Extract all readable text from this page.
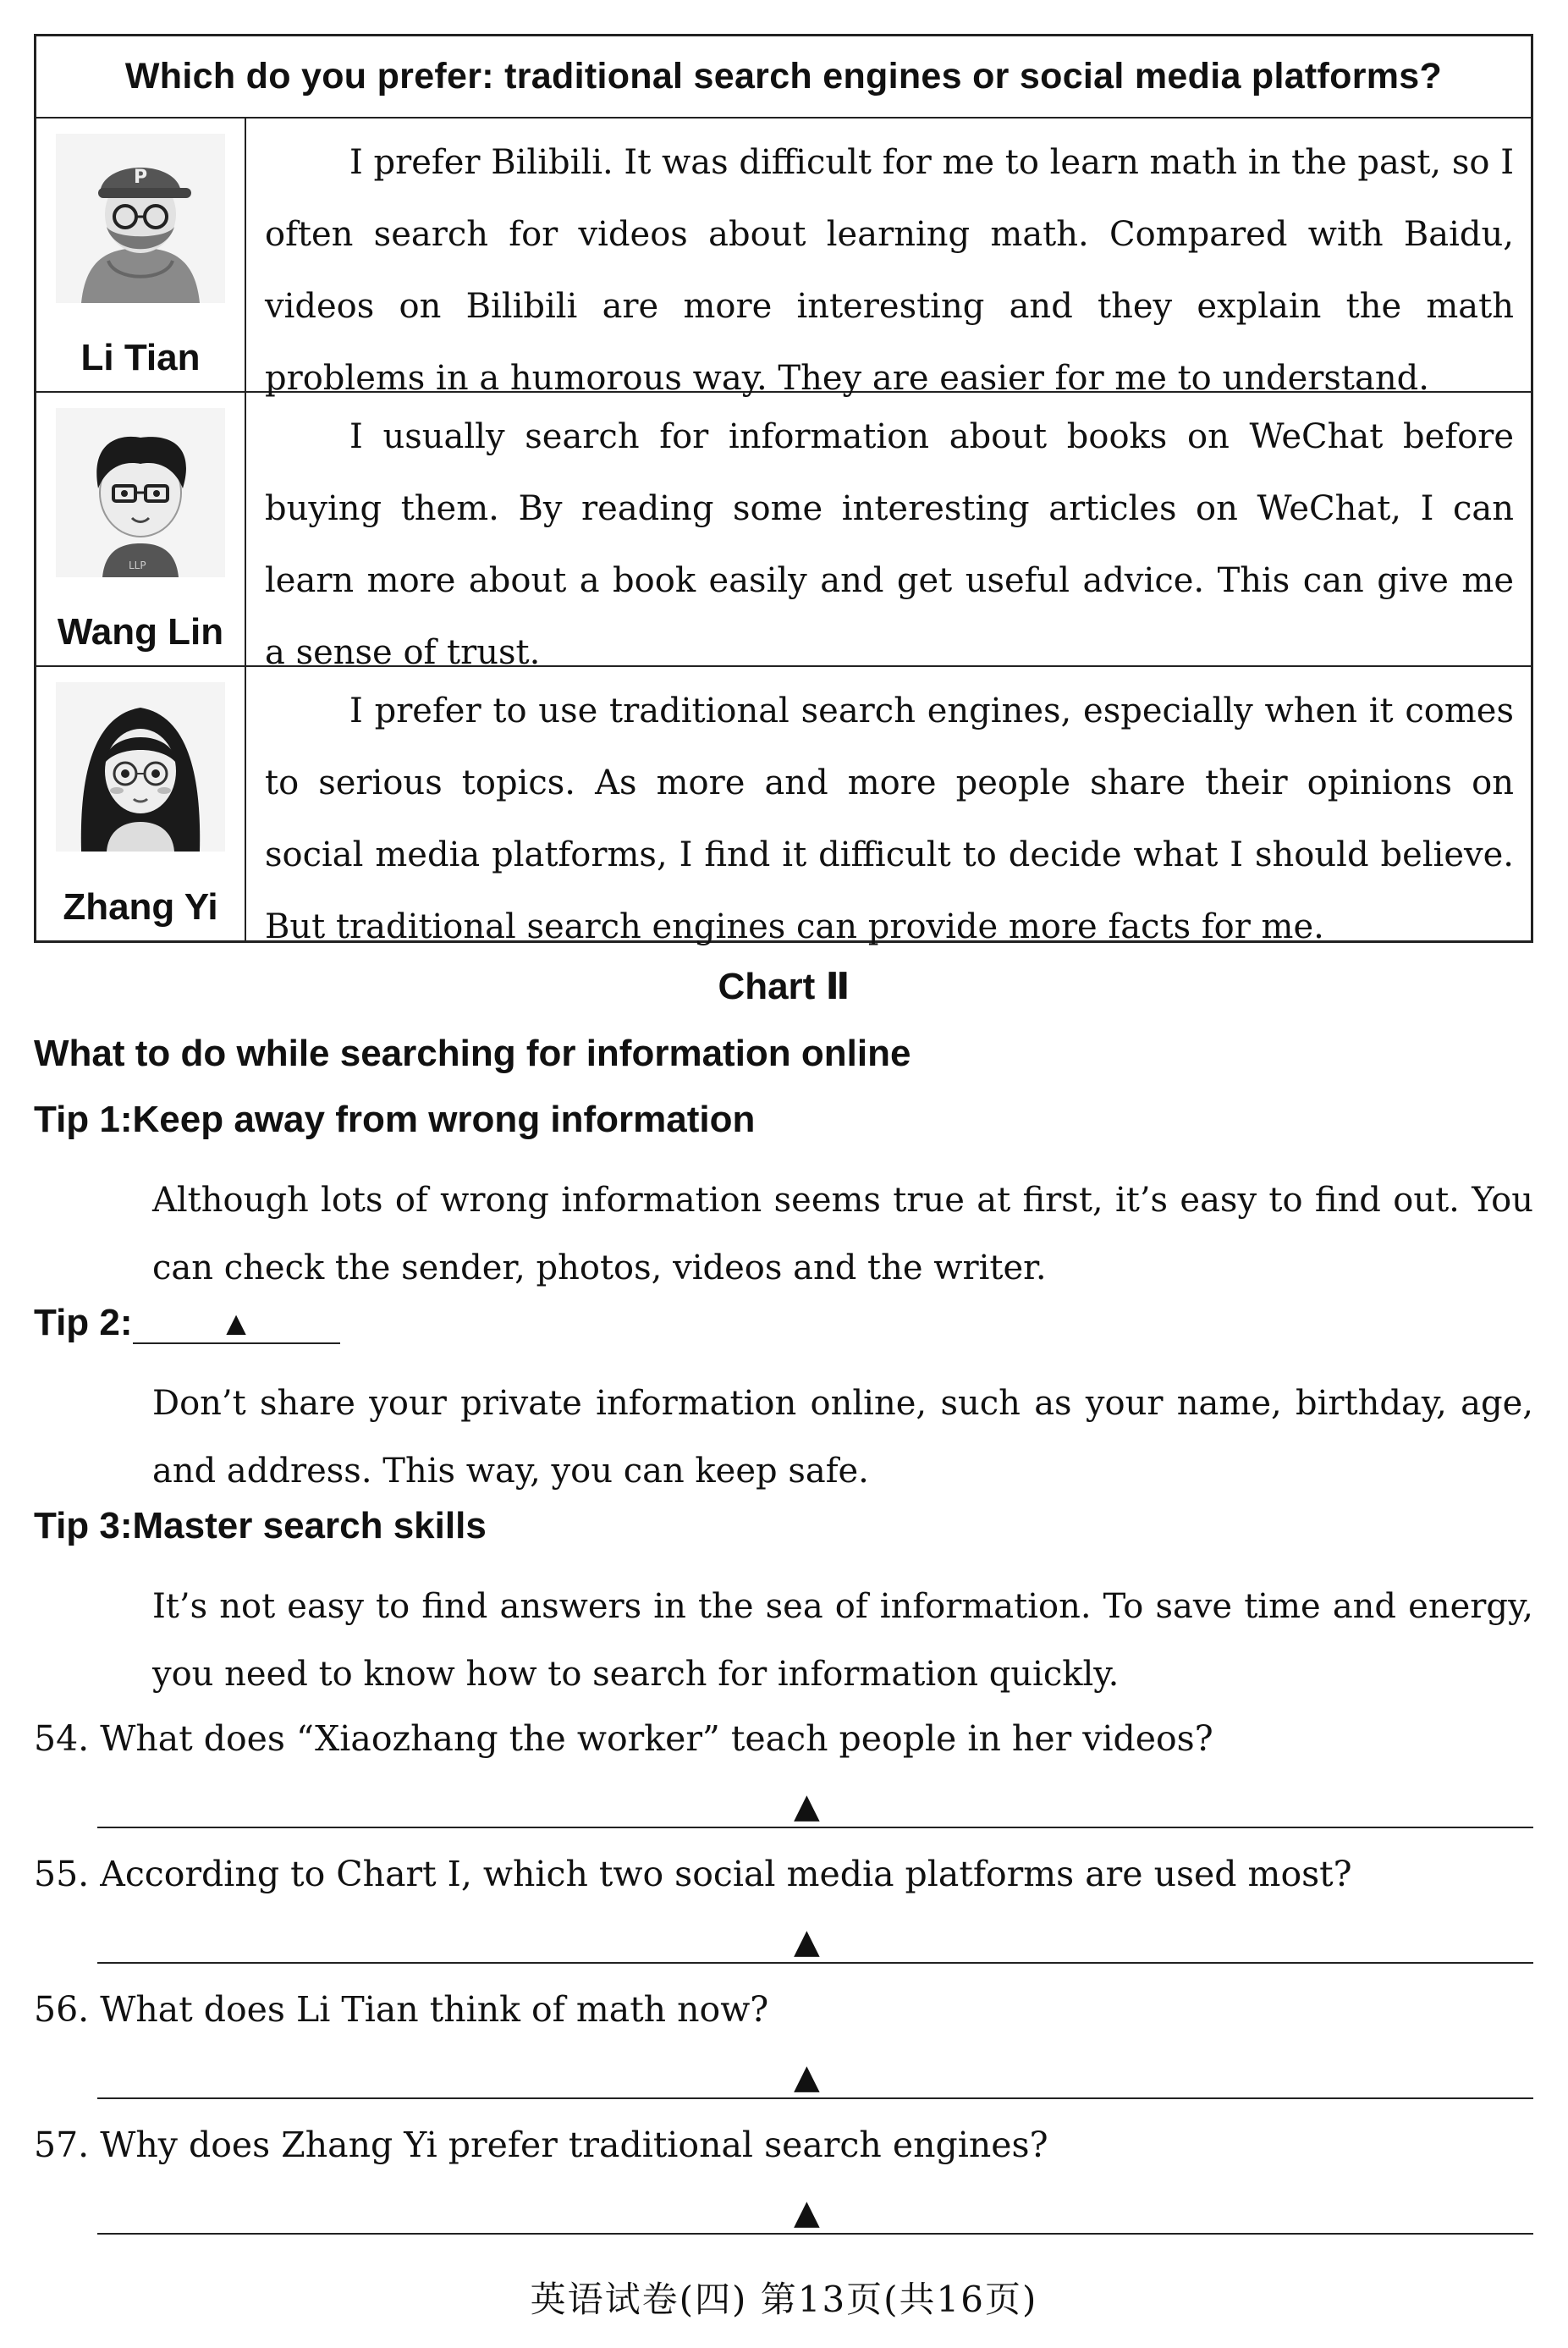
Which do you prefer: traditional search engines or social media platforms?
P
Li Tian
I prefer Bilibili. It was difficult for me to learn math in the past, so I often search for videos about learning math. Compared with Baidu, videos on Bilibili are more interesting and they explain the math problems in a humorous way. They are easier for me to understand.
LLP
Wang Lin
I usually search for information about books on WeChat before buying them. By reading some interesting articles on WeChat, I can learn more about a book easily and get useful advice. This can give me a sense of trust.
Zhang Yi
I prefer to use traditional search engines, especially when it comes to serious topics. As more and more people share their opinions on social media platforms, I find it difficult to decide what I should believe. But traditional search engines can provide more facts for me.
Chart Ⅱ
What to do while searching for information online
Tip 1:Keep away from wrong information
Although lots of wrong information seems true at first, it’s easy to find out. You can check the sender, photos, videos and the writer.
Tip 2:	▲
Don’t share your private information online, such as your name, birthday, age, and address. This way, you can keep safe.
Tip 3:Master search skills
It’s not easy to find answers in the sea of information. To save time and energy, you need to know how to search for information quickly.
54. What does “Xiaozhang the worker” teach people in her videos?
▲
55. According to Chart Ⅰ, which two social media platforms are used most?
▲
56. What does Li Tian think of math now?
▲
57. Why does Zhang Yi prefer traditional search engines?
▲
英语试卷(四) 第13页(共16页)
